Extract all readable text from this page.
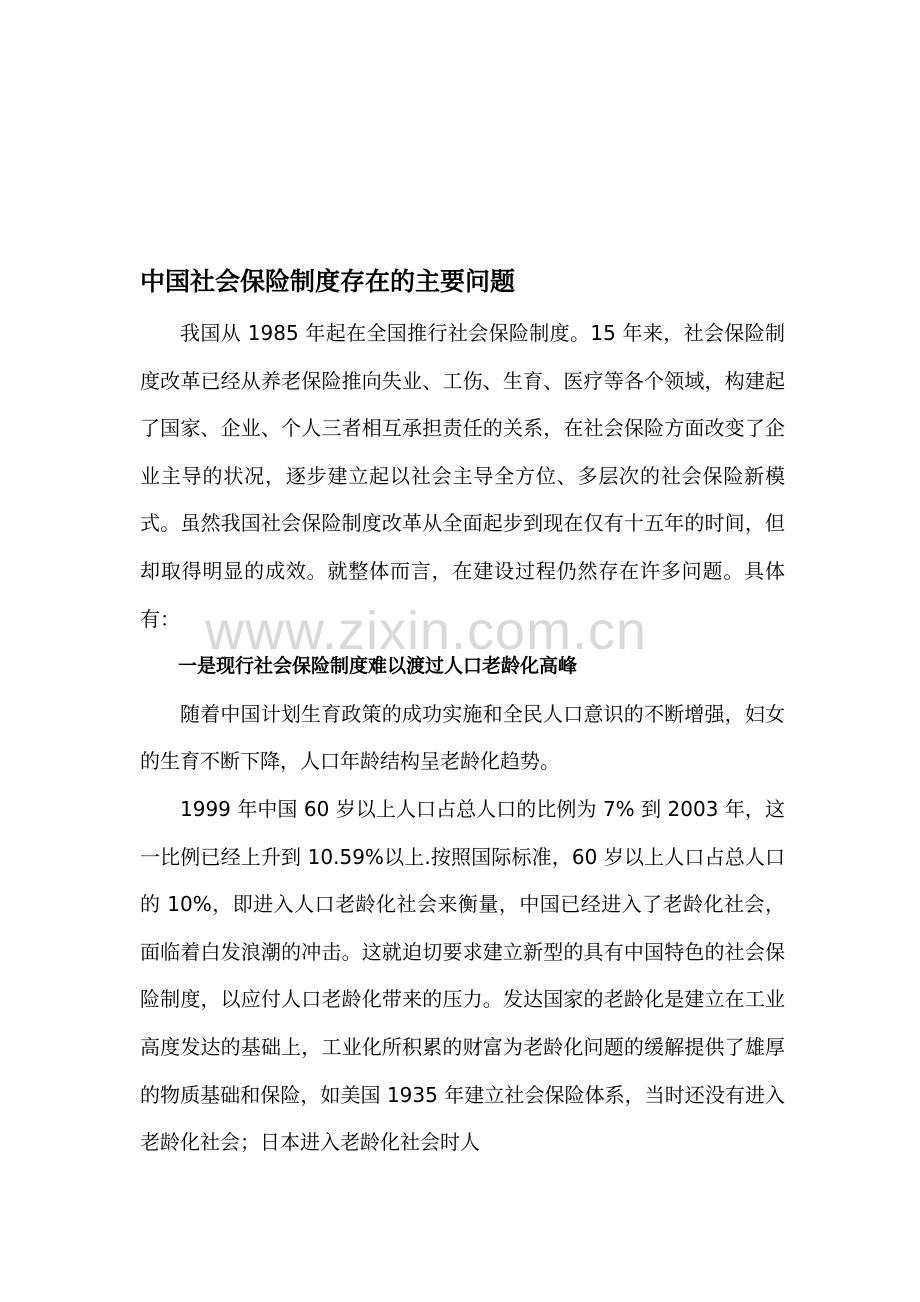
中国社会保险制度存在的主要问题

我国从 1985 年起在全国推行社会保险制度。15 年来，社会保险制度改革已经从养老保险推向失业、工伤、生育、医疗等各个领域，构建起了国家、企业、个人三者相互承担责任的关系，在社会保险方面改变了企业主导的状况，逐步建立起以社会主导全方位、多层次的社会保险新模式。虽然我国社会保险制度改革从全面起步到现在仅有十五年的时间，但却取得明显的成效。就整体而言，在建设过程仍然存在许多问题。具体有：

一是现行社会保险制度难以渡过人口老龄化高峰

随着中国计划生育政策的成功实施和全民人口意识的不断增强，妇女的生育不断下降，人口年龄结构呈老龄化趋势。

1999 年中国 60 岁以上人口占总人口的比例为 7% 到 2003 年，这一比例已经上升到 10.59%以上.按照国际标准，60 岁以上人口占总人口的 10%，即进入人口老龄化社会来衡量，中国已经进入了老龄化社会，面临着白发浪潮的冲击。这就迫切要求建立新型的具有中国特色的社会保险制度，以应付人口老龄化带来的压力。发达国家的老龄化是建立在工业高度发达的基础上，工业化所积累的财富为老龄化问题的缓解提供了雄厚的物质基础和保险，如美国 1935 年建立社会保险体系，当时还没有进入老龄化社会；日本进入老龄化社会时人

www.zixin.com.cn
